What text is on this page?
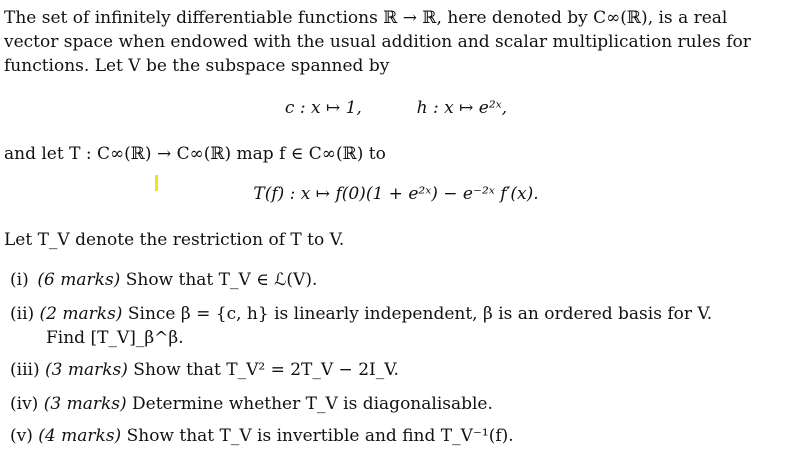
The set of infinitely differentiable functions ℝ → ℝ, here denoted by C∞(ℝ), is a real

vector space when endowed with the usual addition and scalar multiplication rules for

functions. Let V be the subspace spanned by

c : x ↦ 1,	h : x ↦ e²ˣ,

and let T : C∞(ℝ) → C∞(ℝ) map f ∈ C∞(ℝ) to

T(f) : x ↦ f(0)(1 + e²ˣ) − e⁻²ˣ f′(x).

Let T_V denote the restriction of T to V.

(i) (6 marks) Show that T_V ∈ ℒ(V).
(ii) (2 marks) Since β = {c, h} is linearly independent, β is an ordered basis for V.
Find [T_V]_β^β.
(iii) (3 marks) Show that T_V² = 2T_V − 2I_V.
(iv) (3 marks) Determine whether T_V is diagonalisable.
(v) (4 marks) Show that T_V is invertible and find T_V⁻¹(f).
